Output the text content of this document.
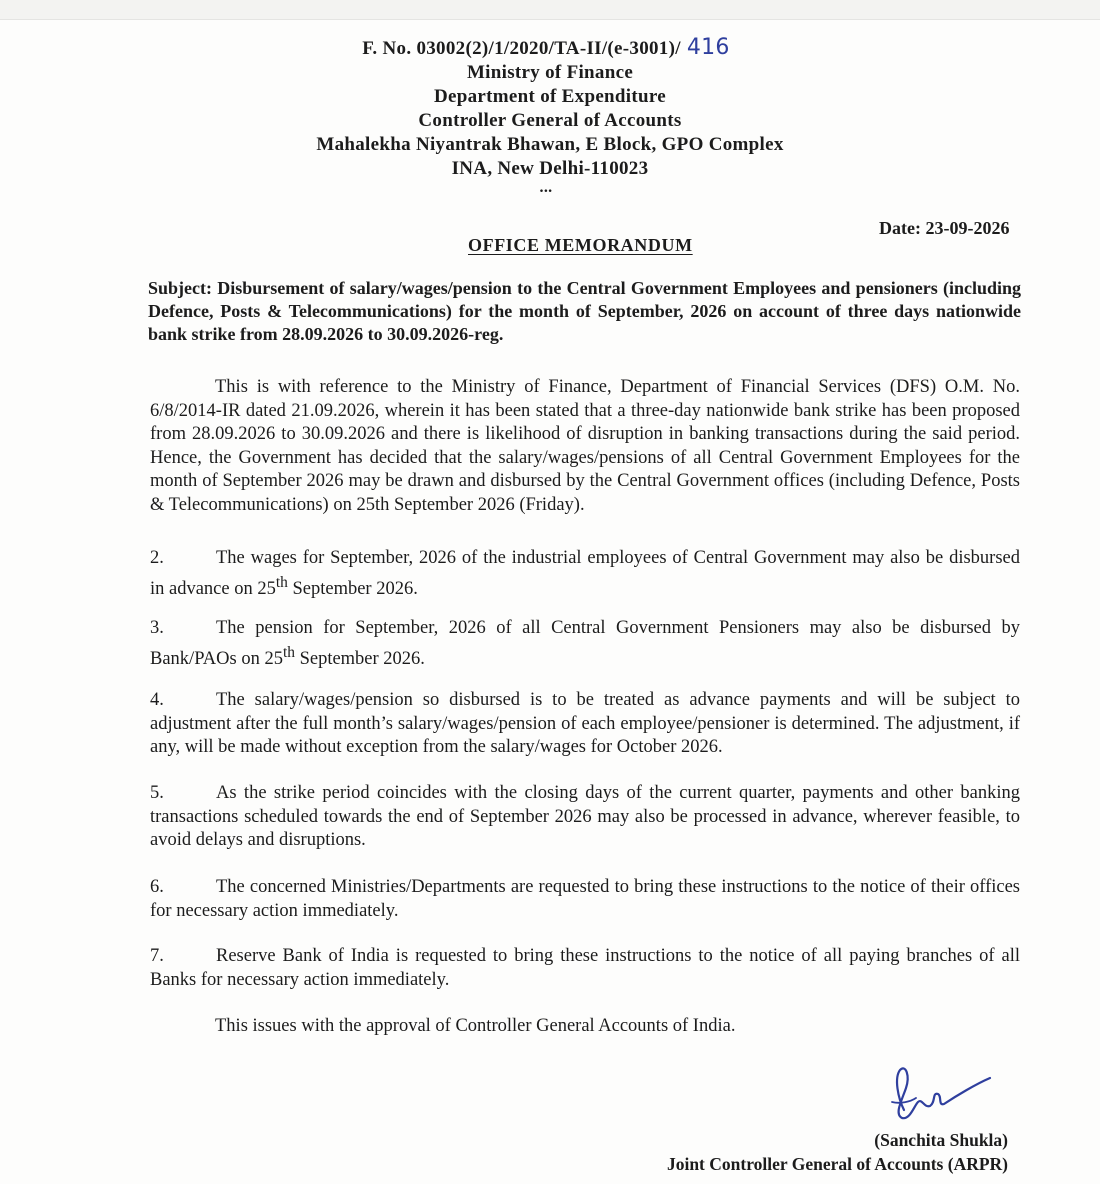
F. No. 03002(2)/1/2020/TA-II/(e-3001)/ 416
Ministry of Finance
Department of Expenditure
Controller General of Accounts
Mahalekha Niyantrak Bhawan, E Block, GPO Complex
INA, New Delhi-110023
...
Date: 23-09-2026
OFFICE MEMORANDUM
Subject: Disbursement of salary/wages/pension to the Central Government Employees and pensioners (including Defence, Posts & Telecommunications) for the month of September, 2026 on account of three days nationwide bank strike from 28.09.2026 to 30.09.2026-reg.
This is with reference to the Ministry of Finance, Department of Financial Services (DFS) O.M. No. 6/8/2014-IR dated 21.09.2026, wherein it has been stated that a three-day nationwide bank strike has been proposed from 28.09.2026 to 30.09.2026 and there is likelihood of disruption in banking transactions during the said period. Hence, the Government has decided that the salary/wages/pensions of all Central Government Employees for the month of September 2026 may be drawn and disbursed by the Central Government offices (including Defence, Posts & Telecommunications) on 25th September 2026 (Friday).
2.	The wages for September, 2026 of the industrial employees of Central Government may also be disbursed in advance on 25th September 2026.
3.	The pension for September, 2026 of all Central Government Pensioners may also be disbursed by Bank/PAOs on 25th September 2026.
4.	The salary/wages/pension so disbursed is to be treated as advance payments and will be subject to adjustment after the full month’s salary/wages/pension of each employee/pensioner is determined. The adjustment, if any, will be made without exception from the salary/wages for October 2026.
5.	As the strike period coincides with the closing days of the current quarter, payments and other banking transactions scheduled towards the end of September 2026 may also be processed in advance, wherever feasible, to avoid delays and disruptions.
6.	The concerned Ministries/Departments are requested to bring these instructions to the notice of their offices for necessary action immediately.
7.	Reserve Bank of India is requested to bring these instructions to the notice of all paying branches of all Banks for necessary action immediately.
This issues with the approval of Controller General Accounts of India.
(Sanchita Shukla)
Joint Controller General of Accounts (ARPR)
